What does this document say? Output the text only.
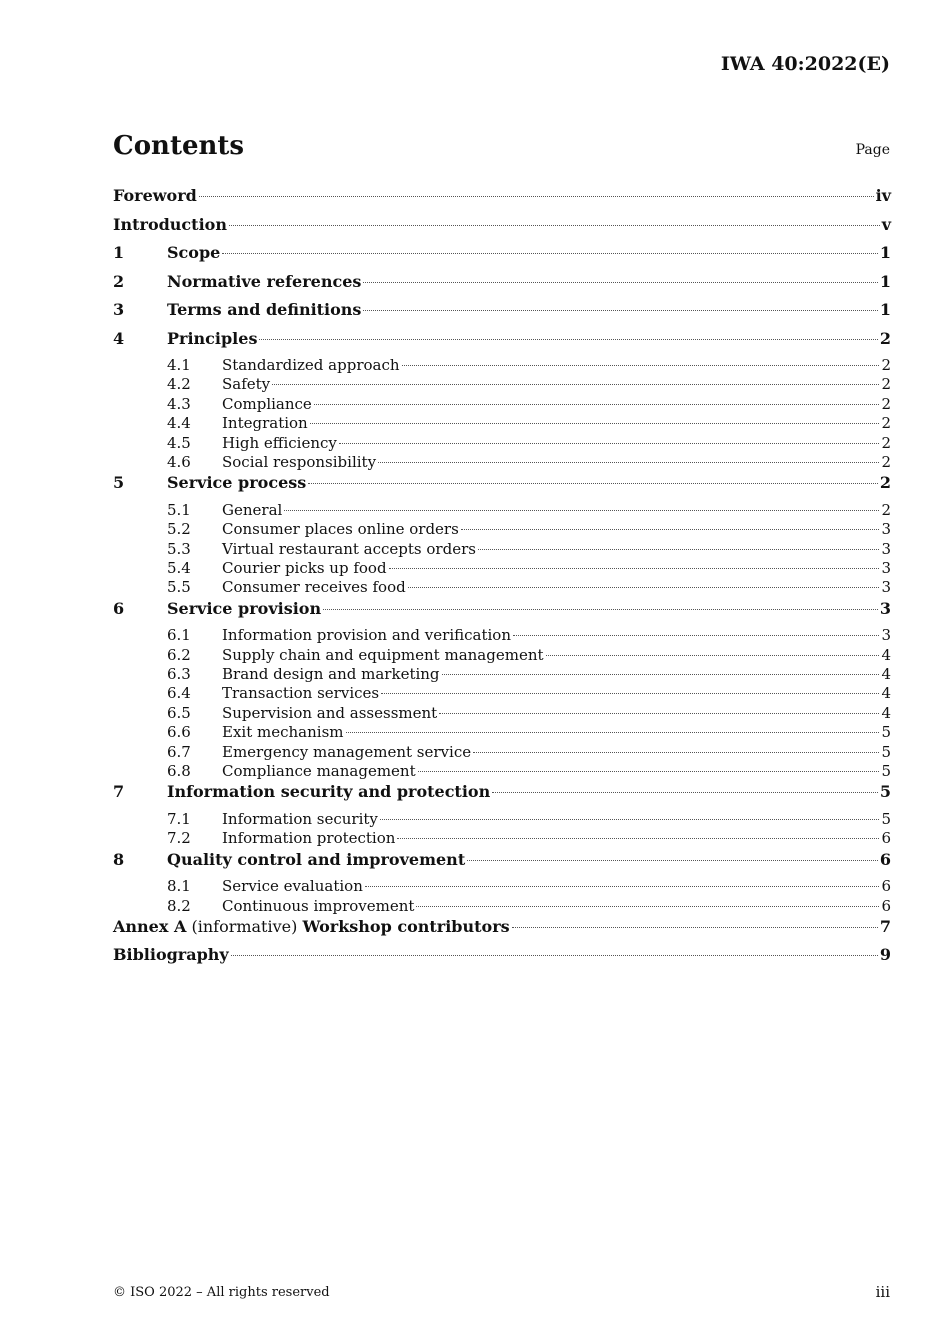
IWA 40:2022(E)
Contents	Page
Foreword	iv
Introduction	v
1	Scope	1
2	Normative references	1
3	Terms and definitions	1
4	Principles	2
4.1	Standardized approach	2
4.2	Safety	2
4.3	Compliance	2
4.4	Integration	2
4.5	High efficiency	2
4.6	Social responsibility	2
5	Service process	2
5.1	General	2
5.2	Consumer places online orders	3
5.3	Virtual restaurant accepts orders	3
5.4	Courier picks up food	3
5.5	Consumer receives food	3
6	Service provision	3
6.1	Information provision and verification	3
6.2	Supply chain and equipment management	4
6.3	Brand design and marketing	4
6.4	Transaction services	4
6.5	Supervision and assessment	4
6.6	Exit mechanism	5
6.7	Emergency management service	5
6.8	Compliance management	5
7	Information security and protection	5
7.1	Information security	5
7.2	Information protection	6
8	Quality control and improvement	6
8.1	Service evaluation	6
8.2	Continuous improvement	6
Annex A (informative) Workshop contributors	7
Bibliography	9
© ISO 2022 – All rights reserved	iii
